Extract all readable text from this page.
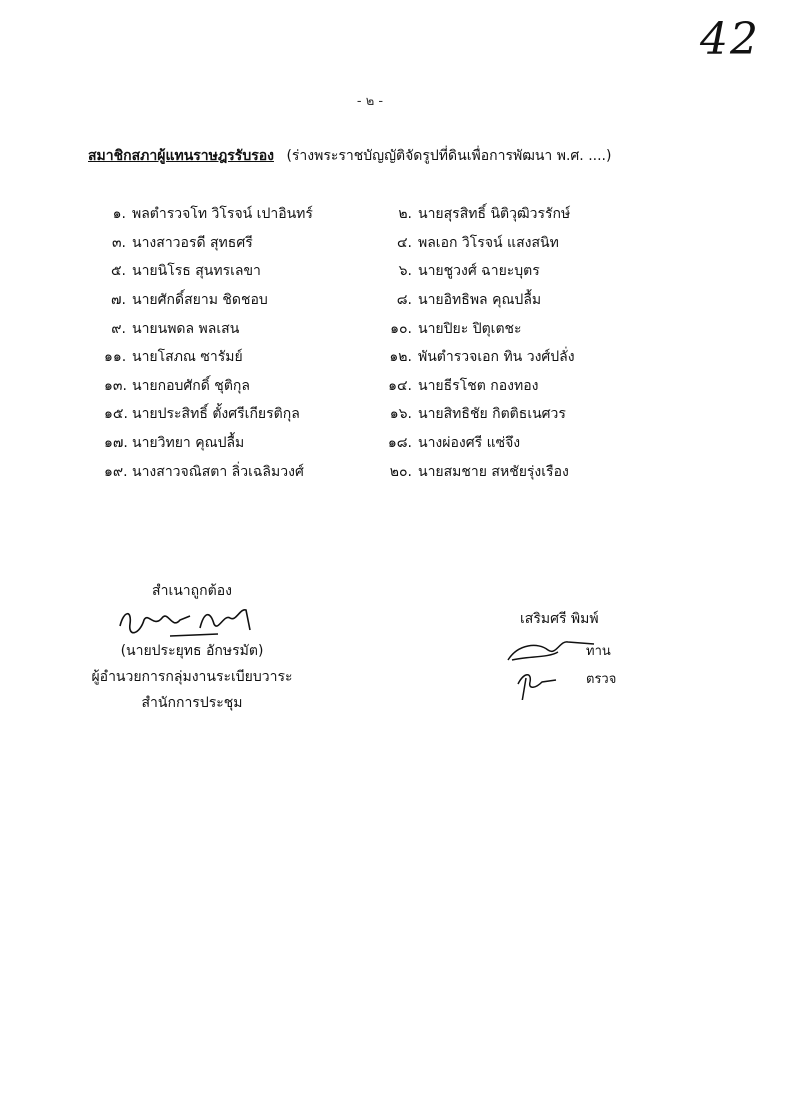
42
- ๒ -
สมาชิกสภาผู้แทนราษฎรรับรอง (ร่างพระราชบัญญัติจัดรูปที่ดินเพื่อการพัฒนา พ.ศ. ....)
๑. พลตำรวจโท วิโรจน์ เปาอินทร์	๒. นายสุรสิทธิ์ นิติวุฒิวรรักษ์
๓. นางสาวอรดี สุทธศรี	๔. พลเอก วิโรจน์ แสงสนิท
๕. นายนิโรธ สุนทรเลขา	๖. นายชูวงศ์ ฉายะบุตร
๗. นายศักดิ์สยาม ชิดชอบ	๘. นายอิทธิพล คุณปลื้ม
๙. นายนพดล พลเสน	๑๐. นายปิยะ ปิตุเตชะ
๑๑. นายโสภณ ซารัมย์	๑๒. พันตำรวจเอก ทิน วงศ์ปลั่ง
๑๓. นายกอบศักดิ์ ชุติกุล	๑๔. นายธีรโชต กองทอง
๑๕. นายประสิทธิ์ ตั้งศรีเกียรติกุล	๑๖. นายสิทธิชัย กิตติธเนศวร
๑๗. นายวิทยา คุณปลื้ม	๑๘. นางผ่องศรี แซ่จึง
๑๙. นางสาวจณิสตา ลิ่วเฉลิมวงศ์	๒๐. นายสมชาย สหชัยรุ่งเรือง
สำเนาถูกต้อง
(นายประยุทธ อักษรมัต)
ผู้อำนวยการกลุ่มงานระเบียบวาระ
สำนักการประชุม
เสริมศรี พิมพ์
ทาน
ตรวจ
